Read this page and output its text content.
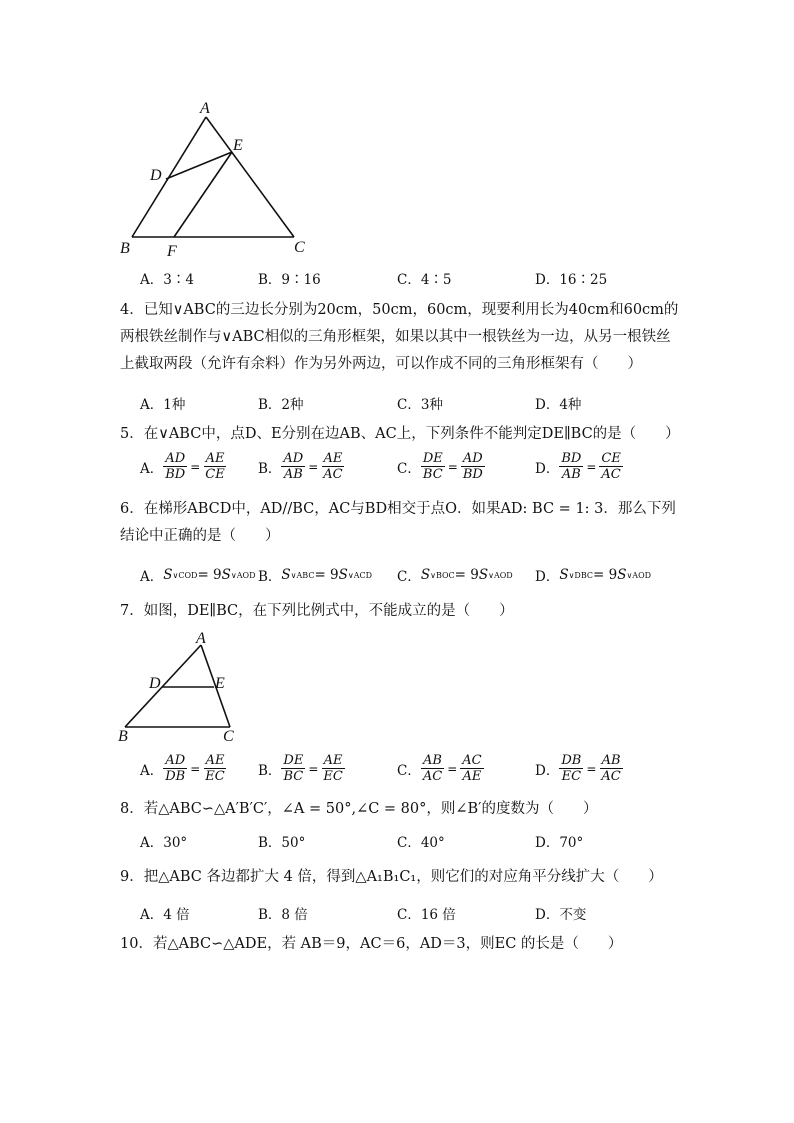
A
E
D
B F	C
A．3∶4	B．9∶16	C．4∶5	D．16∶25
4．已知∨ABC的三边长分别为20cm，50cm，60cm，现要利用长为40cm和60cm的两根铁丝制作与∨ABC相似的三角形框架，如果以其中一根铁丝为一边，从另一根铁丝上截取两段（允许有余料）作为另外两边，可以作成不同的三角形框架有（　　）
A．1种	B．2种	C．3种	D．4种
5．在∨ABC中，点D、E分别在边AB、AC上，下列条件不能判定DE∥BC的是（　　）
A． $\frac{AD}{BD} = \frac{AE}{CE}$ B． $\frac{AD}{AB} = \frac{AE}{AC}$	C． $\frac{DE}{BC} = \frac{AD}{BD}$	D． $\frac{BD}{AB} = \frac{CE}{AC}$
6．在梯形ABCD中，AD//BC，AC与BD相交于点O．如果AD: BC = 1: 3．那么下列结论中正确的是（　　）
A． S ∨COD = 9 S ∨AOD B． S ∨ABC = 9 S ∨ACD C． S ∨BOC = 9 S ∨AOD D． S ∨DBC = 9 S ∨AOD
7．如图，DE∥BC，在下列比例式中，不能成立的是（　　）
A
D	E
B	C
A． $\frac{AD}{DB} = \frac{AE}{EC}$ B． $\frac{DE}{BC} = \frac{AE}{EC}$	C． $\frac{AB}{AC} = \frac{AC}{AE}$	D． $\frac{DB}{EC} = \frac{AB}{AC}$
8．若△ABC∽△A′B′C′，∠A = 50°,∠C = 80°，则∠B′的度数为（　　）
A．30°	B．50°	C．40°	D．70°
9．把△ABC 各边都扩大 4 倍，得到△A₁B₁C₁，则它们的对应角平分线扩大（　　）
A．4 倍	B．8 倍	C．16 倍	D．不变
10．若△ABC∽△ADE，若 AB＝9，AC＝6，AD＝3，则EC 的长是（　　）
